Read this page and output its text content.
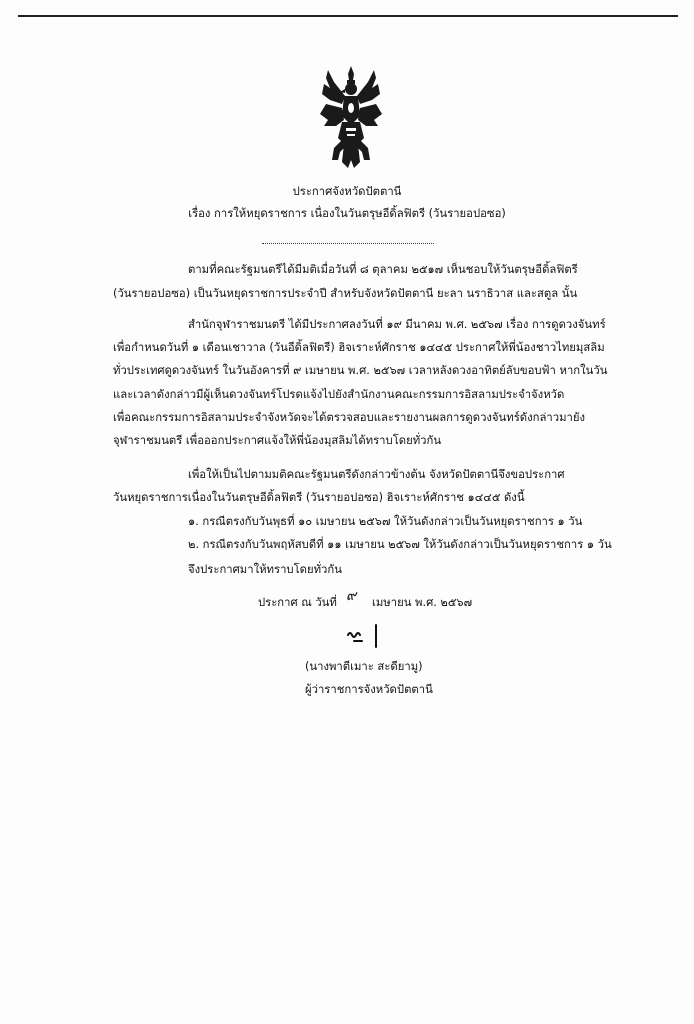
ประกาศจังหวัดปัตตานี
เรื่อง การให้หยุดราชการ เนื่องในวันตรุษอีดิ้ลฟิตรี (วันรายอปอซอ)
ตามที่คณะรัฐมนตรีได้มีมติเมื่อวันที่ ๘ ตุลาคม ๒๕๑๗ เห็นชอบให้วันตรุษอีดิ้ลฟิตรี
(วันรายอปอซอ) เป็นวันหยุดราชการประจำปี สำหรับจังหวัดปัตตานี ยะลา นราธิวาส และสตูล นั้น
สำนักจุฬาราชมนตรี ได้มีประกาศลงวันที่ ๑๙ มีนาคม พ.ศ. ๒๕๖๗ เรื่อง การดูดวงจันทร์
เพื่อกำหนดวันที่ ๑ เดือนเชาวาล (วันอีดิ้ลฟิตรี) ฮิจเราะห์ศักราช ๑๔๔๕ ประกาศให้พี่น้องชาวไทยมุสลิม
ทั่วประเทศดูดวงจันทร์ ในวันอังคารที่ ๙ เมษายน พ.ศ. ๒๕๖๗ เวลาหลังดวงอาทิตย์ลับขอบฟ้า หากในวัน
และเวลาดังกล่าวมีผู้เห็นดวงจันทร์โปรดแจ้งไปยังสำนักงานคณะกรรมการอิสลามประจำจังหวัด
เพื่อคณะกรรมการอิสลามประจำจังหวัดจะได้ตรวจสอบและรายงานผลการดูดวงจันทร์ดังกล่าวมายัง
จุฬาราชมนตรี เพื่อออกประกาศแจ้งให้พี่น้องมุสลิมได้ทราบโดยทั่วกัน
เพื่อให้เป็นไปตามมติคณะรัฐมนตรีดังกล่าวข้างต้น จังหวัดปัตตานีจึงขอประกาศ
วันหยุดราชการเนื่องในวันตรุษอีดิ้ลฟิตรี (วันรายอปอซอ) ฮิจเราะห์ศักราช ๑๔๔๕ ดังนี้
๑. กรณีตรงกับวันพุธที่ ๑๐ เมษายน ๒๕๖๗ ให้วันดังกล่าวเป็นวันหยุดราชการ ๑ วัน
๒. กรณีตรงกับวันพฤหัสบดีที่ ๑๑ เมษายน ๒๕๖๗ ให้วันดังกล่าวเป็นวันหยุดราชการ ๑ วัน
จึงประกาศมาให้ทราบโดยทั่วกัน
ประกาศ ณ วันที่ ๙ เมษายน พ.ศ. ๒๕๖๗
(นางพาตีเมาะ สะดียามู)
ผู้ว่าราชการจังหวัดปัตตานี
